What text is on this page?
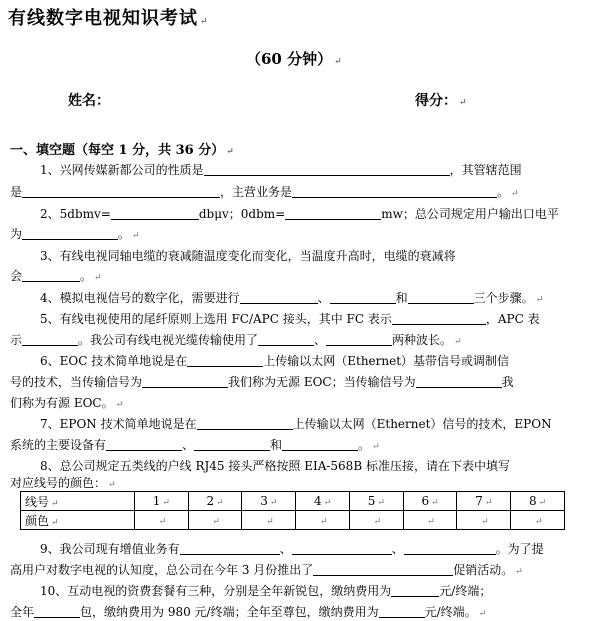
有线数字电视知识考试 ↵
（60 分钟） ↵
姓名：	得分： ↵
一、填空题（每空 1 分，共 36 分） ↵
1、兴网传媒新都公司的性质是	，其管辖范围
是	，主营业务是	。 ↵
2、5dbmv=	dbμv；0dbm=	mw；总公司规定用户输出口电平
为	。 ↵
3、有线电视同轴电缆的衰减随温度变化而变化，当温度升高时，电缆的衰减将
会	。 ↵
4、模拟电视信号的数字化，需要进行	、	和	三个步骤。 ↵
5、有线电视使用的尾纤原则上选用 FC/APC 接头，其中 FC 表示	，APC 表
示	。我公司有线电视光缆传输使用了	、	两种波长。 ↵
6、EOC 技术简单地说是在	上传输以太网（Ethernet）基带信号或调制信
号的技术，当传输信号为	我们称为无源 EOC；当传输信号为	我
们称为有源 EOC。 ↵
7、EPON 技术简单地说是在	上传输以太网（Ethernet）信号的技术，EPON
系统的主要设备有	、	和	。 ↵
8、总公司规定五类线的户线 RJ45 接头严格按照 EIA-568B 标准压接，请在下表中填写
对应线号的颜色： ↵
线号 ↵	1 ↵	2 ↵	3 ↵	4 ↵	5 ↵	6 ↵	7 ↵	8 ↵
颜色 ↵	↵	↵	↵	↵	↵	↵	↵	↵
9、我公司现有增值业务有	、	、	。为了提
高用户对数字电视的认知度，总公司在今年 3 月份推出了	促销活动。 ↵
10、互动电视的资费套餐有三种，分别是全年新锐包，缴纳费用为	元/终端；
全年	包，缴纳费用为 980 元/终端；全年至尊包，缴纳费用为	元/终端。 ↵
